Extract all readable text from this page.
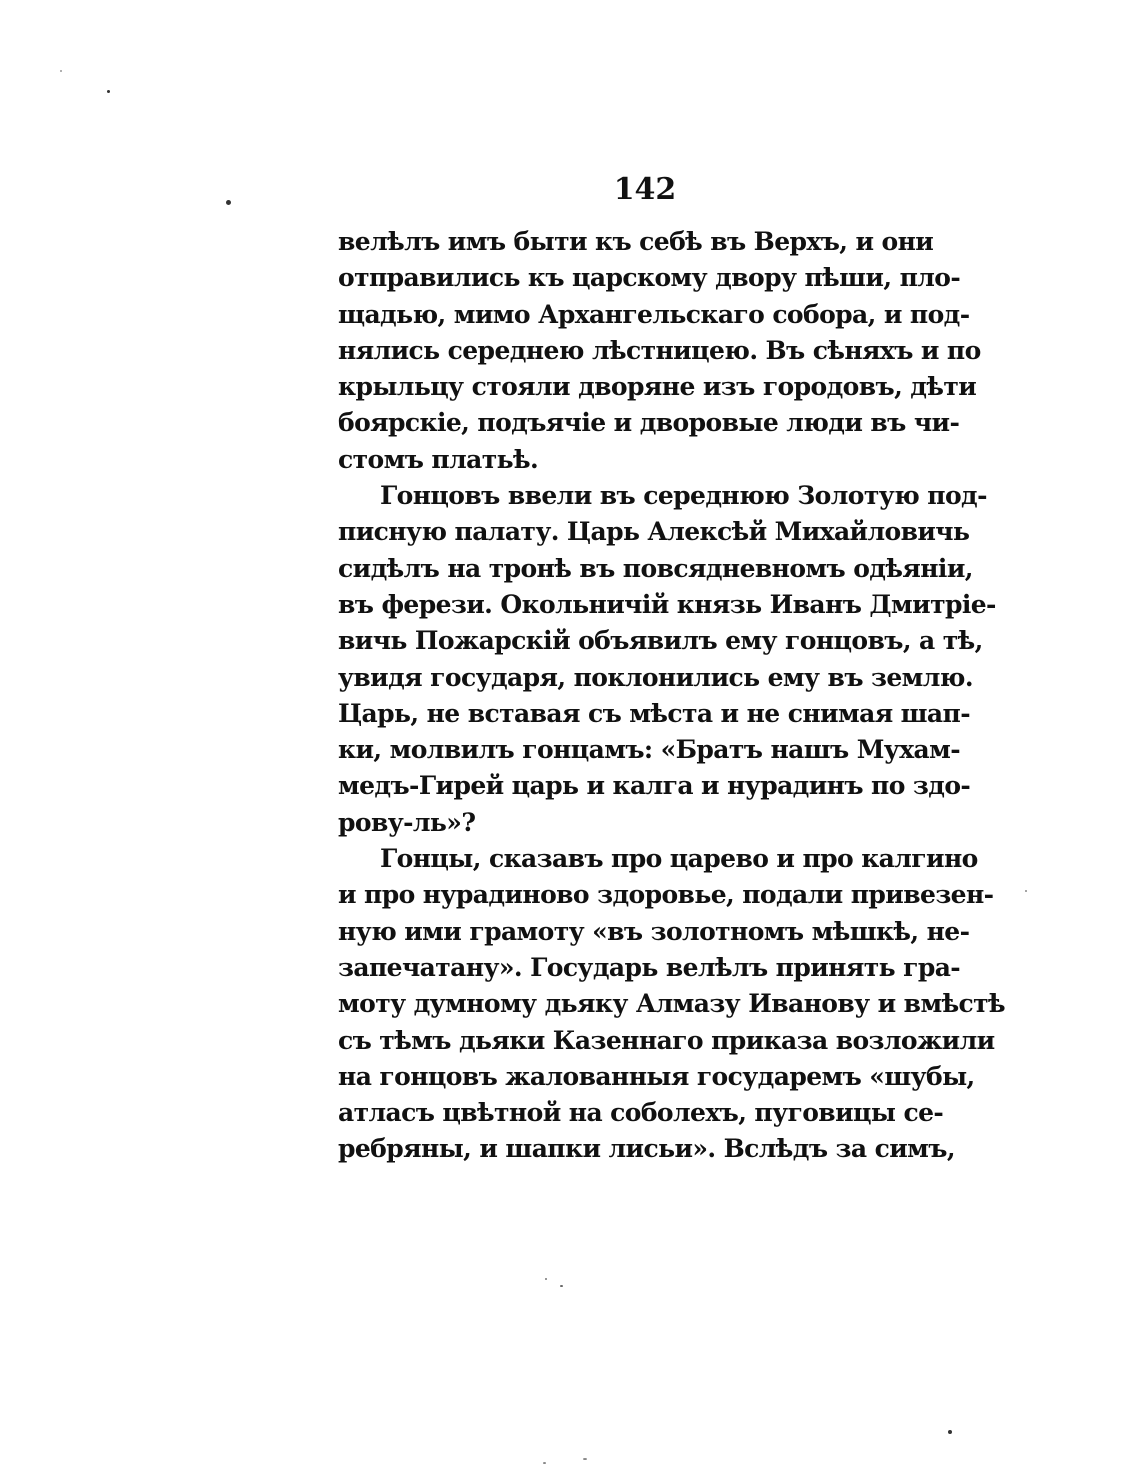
142
велѣлъ имъ быти къ себѣ въ Верхъ, и они
отправились къ царскому двору пѣши, пло-
щадью, мимо Архангельскаго собора, и под-
нялись середнею лѣстницею. Въ сѣняхъ и по
крыльцу стояли дворяне изъ городовъ, дѣти
боярскіе, подъячіе и дворовые люди въ чи-
стомъ платьѣ.
Гонцовъ ввели въ середнюю Золотую под-
писную палату. Царь Алексѣй Михайловичь
сидѣлъ на тронѣ въ повсядневномъ одѣяніи,
въ ферези. Окольничій князь Иванъ Дмитріе-
вичь Пожарскій объявилъ ему гонцовъ, а тѣ,
увидя государя, поклонились ему въ землю.
Царь, не вставая съ мѣста и не снимая шап-
ки, молвилъ гонцамъ: «Братъ нашъ Мухам-
медъ-Гирей царь и калга и нурадинъ по здо-
рову-ль»?
Гонцы, сказавъ про царево и про калгино
и про нурадиново здоровье, подали привезен-
ную ими грамоту «въ золотномъ мѣшкѣ, не-
запечатану». Государь велѣлъ принять гра-
моту думному дьяку Алмазу Иванову и вмѣстѣ
съ тѣмъ дьяки Казеннаго приказа возложили
на гонцовъ жалованныя государемъ «шубы,
атласъ цвѣтной на соболехъ, пуговицы се-
ребряны, и шапки лисьи». Вслѣдъ за симъ,
